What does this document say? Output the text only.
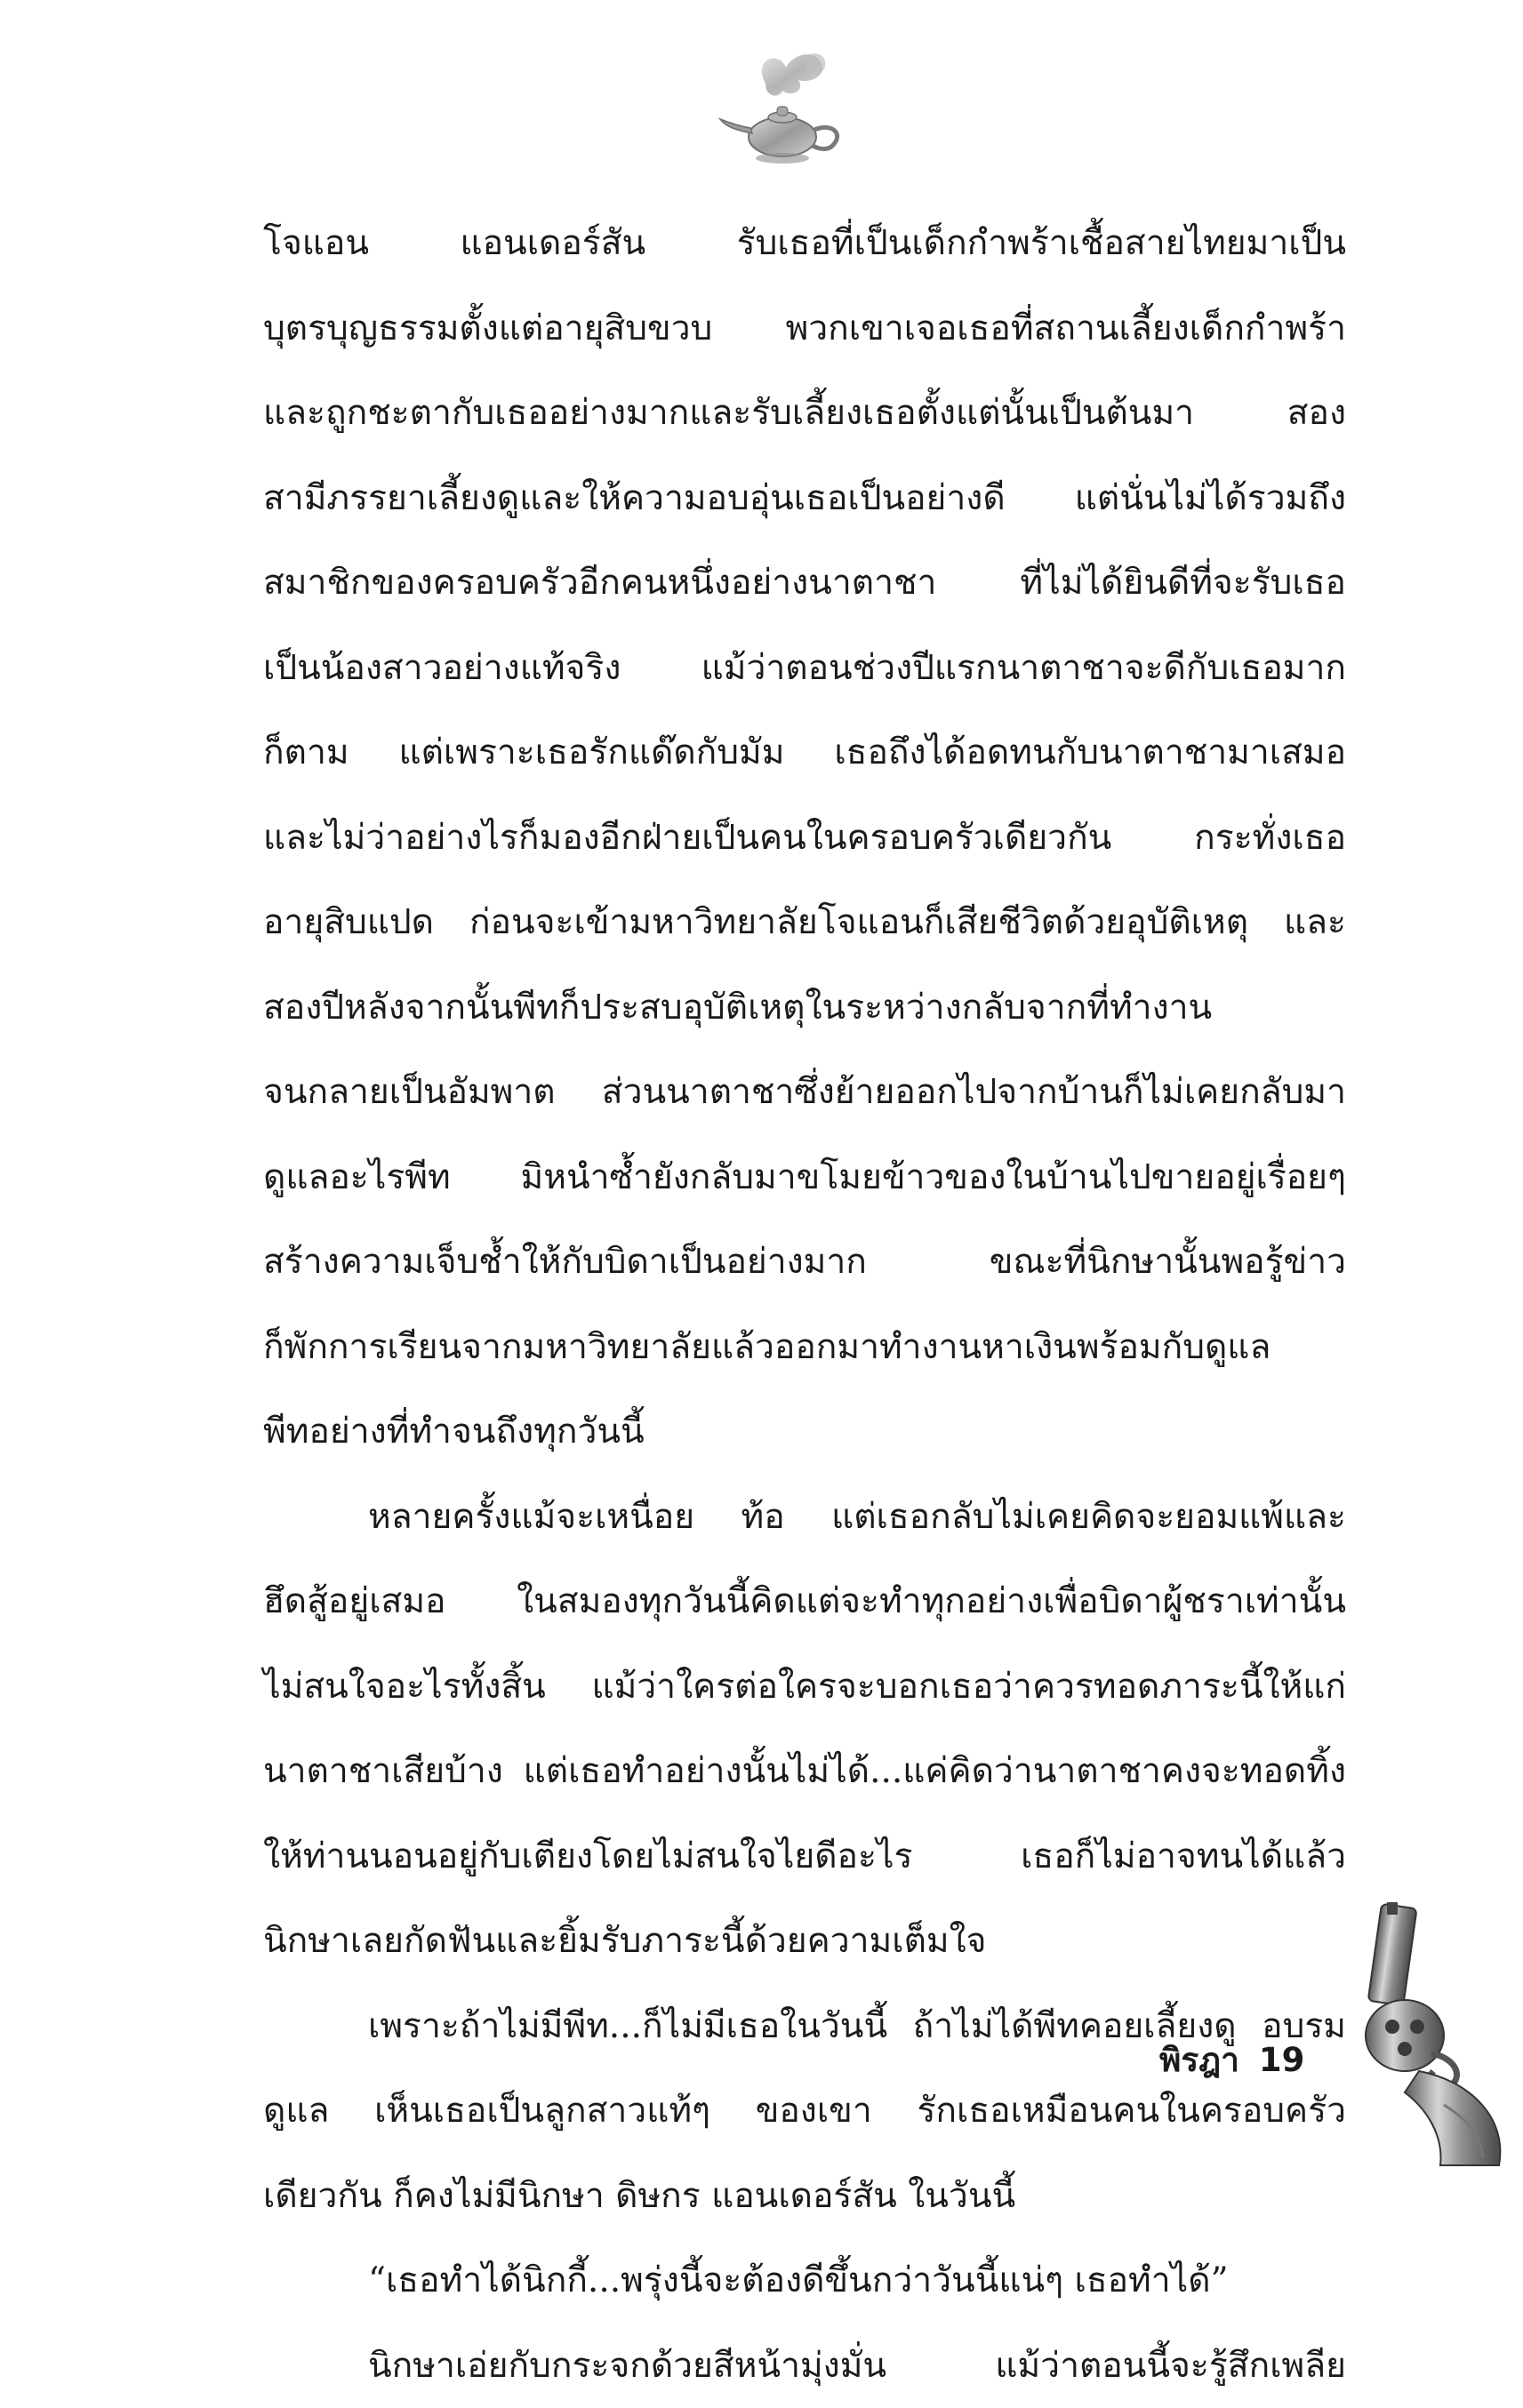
โจแอน แอนเดอร์สัน รับเธอที่เป็นเด็กกำพร้าเชื้อสายไทยมาเป็น
บุตรบุญธรรมตั้งแต่อายุสิบขวบ พวกเขาเจอเธอที่สถานเลี้ยงเด็กกำพร้า
และถูกชะตากับเธออย่างมากและรับเลี้ยงเธอตั้งแต่นั้นเป็นต้นมา สอง
สามีภรรยาเลี้ยงดูและให้ความอบอุ่นเธอเป็นอย่างดี แต่นั่นไม่ได้รวมถึง
สมาชิกของครอบครัวอีกคนหนึ่งอย่างนาตาชา ที่ไม่ได้ยินดีที่จะรับเธอ
เป็นน้องสาวอย่างแท้จริง แม้ว่าตอนช่วงปีแรกนาตาชาจะดีกับเธอมาก
ก็ตาม แต่เพราะเธอรักแด๊ดกับมัม เธอถึงได้อดทนกับนาตาชามาเสมอ
และไม่ว่าอย่างไรก็มองอีกฝ่ายเป็นคนในครอบครัวเดียวกัน กระทั่งเธอ
อายุสิบแปด ก่อนจะเข้ามหาวิทยาลัยโจแอนก็เสียชีวิตด้วยอุบัติเหตุ และ
สองปีหลังจากนั้นพีทก็ประสบอุบัติเหตุในระหว่างกลับจากที่ทำงาน
จนกลายเป็นอัมพาต ส่วนนาตาชาซึ่งย้ายออกไปจากบ้านก็ไม่เคยกลับมา
ดูแลอะไรพีท มิหนำซ้ำยังกลับมาขโมยข้าวของในบ้านไปขายอยู่เรื่อยๆ
สร้างความเจ็บช้ำให้กับบิดาเป็นอย่างมาก ขณะที่นิกษานั้นพอรู้ข่าว
ก็พักการเรียนจากมหาวิทยาลัยแล้วออกมาทำงานหาเงินพร้อมกับดูแล
พีทอย่างที่ทำจนถึงทุกวันนี้
หลายครั้งแม้จะเหนื่อย ท้อ แต่เธอกลับไม่เคยคิดจะยอมแพ้และ
ฮึดสู้อยู่เสมอ ในสมองทุกวันนี้คิดแต่จะทำทุกอย่างเพื่อบิดาผู้ชราเท่านั้น
ไม่สนใจอะไรทั้งสิ้น แม้ว่าใครต่อใครจะบอกเธอว่าควรทอดภาระนี้ให้แก่
นาตาชาเสียบ้าง แต่เธอทำอย่างนั้นไม่ได้...แค่คิดว่านาตาชาคงจะทอดทิ้ง
ให้ท่านนอนอยู่กับเตียงโดยไม่สนใจไยดีอะไร เธอก็ไม่อาจทนได้แล้ว
นิกษาเลยกัดฟันและยิ้มรับภาระนี้ด้วยความเต็มใจ
เพราะถ้าไม่มีพีท...ก็ไม่มีเธอในวันนี้ ถ้าไม่ได้พีทคอยเลี้ยงดู อบรม
ดูแล เห็นเธอเป็นลูกสาวแท้ๆ ของเขา รักเธอเหมือนคนในครอบครัว
เดียวกัน ก็คงไม่มีนิกษา ดิษกร แอนเดอร์สัน ในวันนี้
“เธอทำได้นิกกี้...พรุ่งนี้จะต้องดีขึ้นกว่าวันนี้แน่ๆ เธอทำได้”
นิกษาเอ่ยกับกระจกด้วยสีหน้ามุ่งมั่น แม้ว่าตอนนี้จะรู้สึกเพลีย
พิรฎา 19
